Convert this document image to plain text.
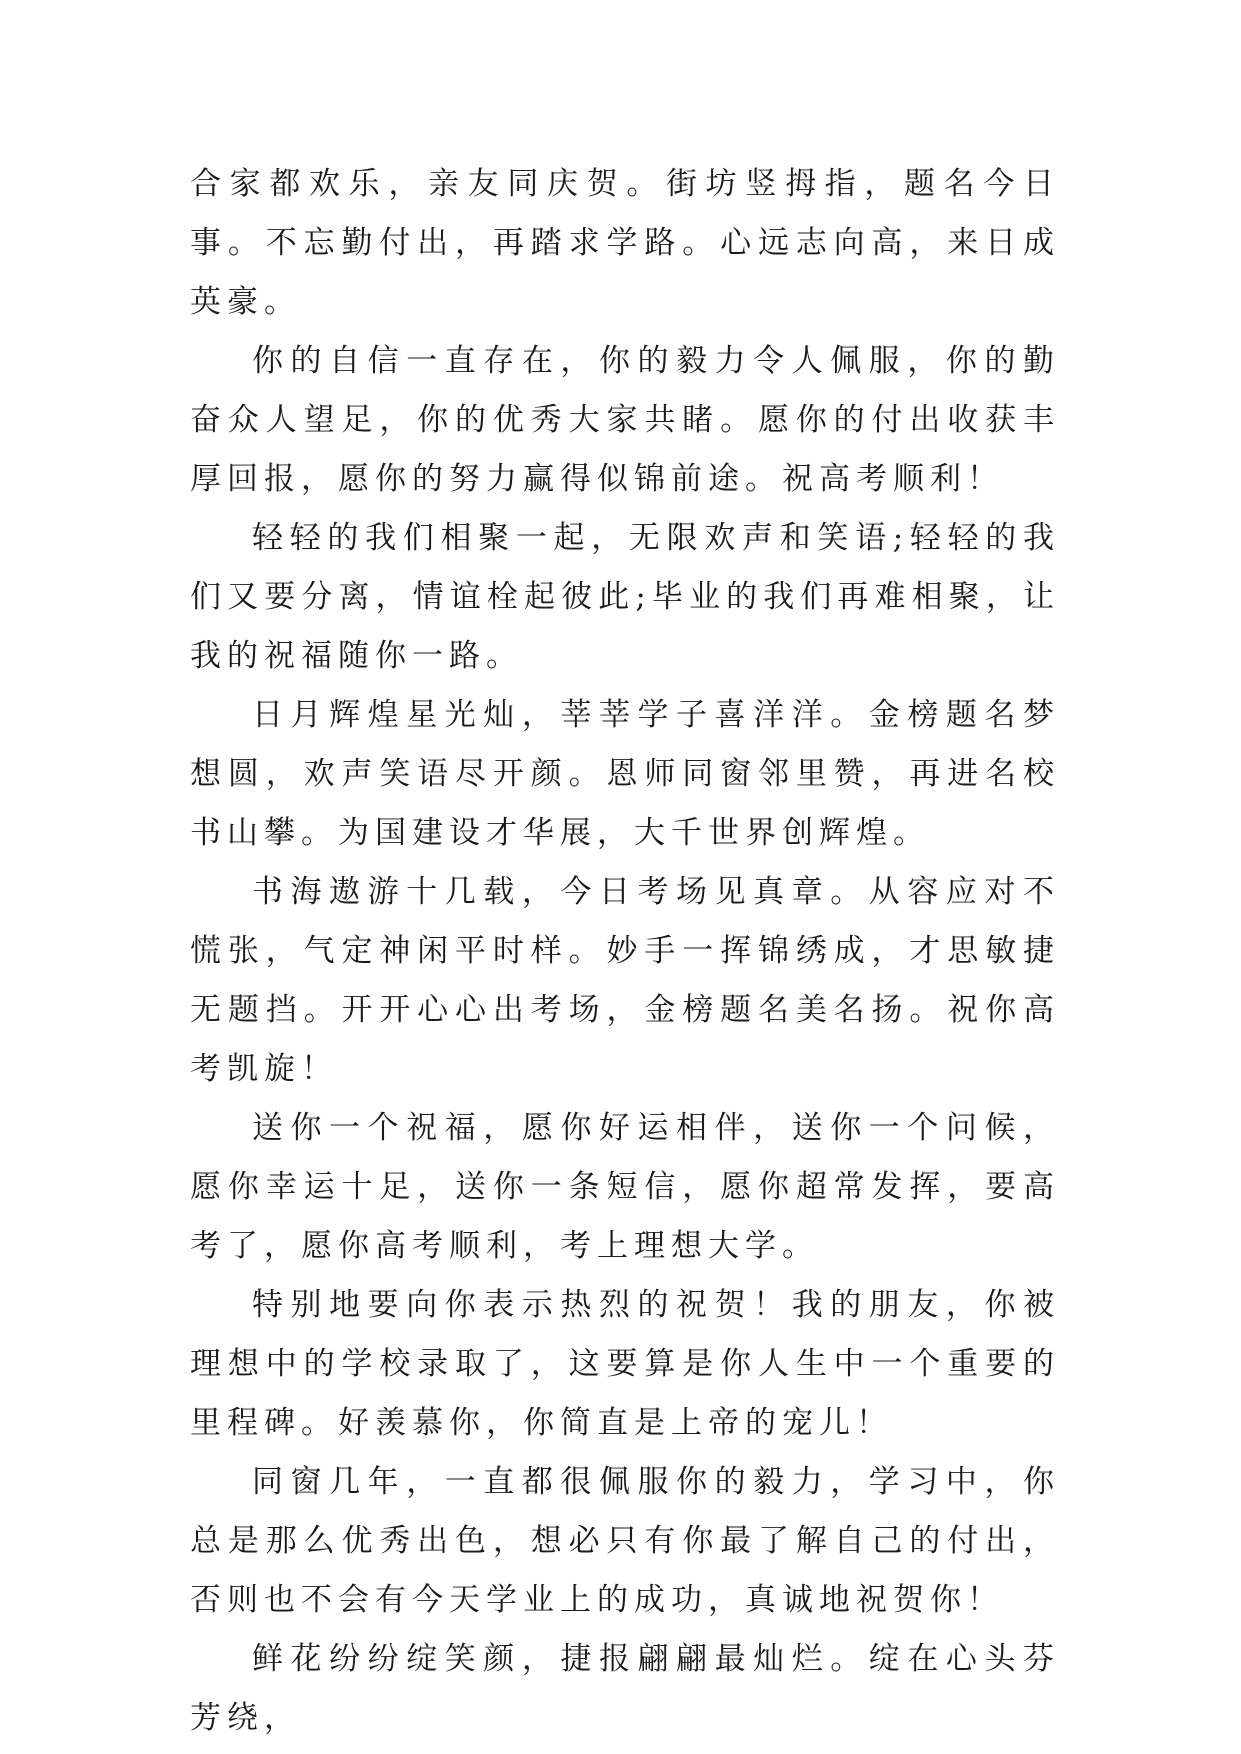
合家都欢乐，亲友同庆贺。街坊竖拇指，题名今日事。不忘勤付出，再踏求学路。心远志向高，来日成英豪。

你的自信一直存在，你的毅力令人佩服，你的勤奋众人望足，你的优秀大家共睹。愿你的付出收获丰厚回报，愿你的努力赢得似锦前途。祝高考顺利！

轻轻的我们相聚一起，无限欢声和笑语;轻轻的我们又要分离，情谊栓起彼此;毕业的我们再难相聚，让我的祝福随你一路。

日月辉煌星光灿，莘莘学子喜洋洋。金榜题名梦想圆，欢声笑语尽开颜。恩师同窗邻里赞，再进名校书山攀。为国建设才华展，大千世界创辉煌。

书海遨游十几载，今日考场见真章。从容应对不慌张，气定神闲平时样。妙手一挥锦绣成，才思敏捷无题挡。开开心心出考场，金榜题名美名扬。祝你高考凯旋！

送你一个祝福，愿你好运相伴，送你一个问候，愿你幸运十足，送你一条短信，愿你超常发挥，要高考了，愿你高考顺利，考上理想大学。

特别地要向你表示热烈的祝贺！我的朋友，你被理想中的学校录取了，这要算是你人生中一个重要的里程碑。好羡慕你，你简直是上帝的宠儿！

同窗几年，一直都很佩服你的毅力，学习中，你总是那么优秀出色，想必只有你最了解自己的付出，否则也不会有今天学业上的成功，真诚地祝贺你！

鲜花纷纷绽笑颜，捷报翩翩最灿烂。绽在心头芬芳绕，
